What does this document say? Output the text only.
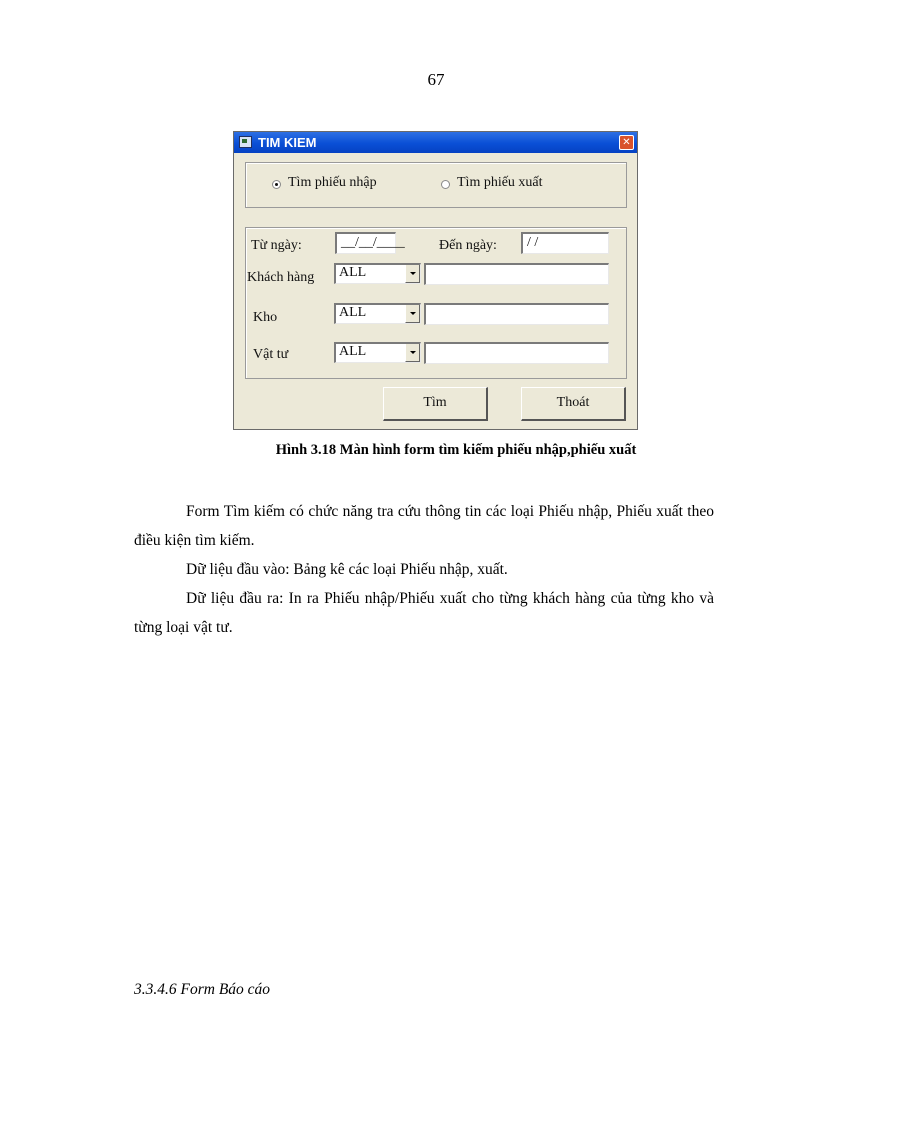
67
TIM KIEM	✕
Tìm phiếu nhập	Tìm phiếu xuất
Từ ngày:	__/__/____ Đến ngày:	/ /
Khách hàng ALL
Kho	ALL
Vật tư	ALL
Tìm	Thoát
Hình 3.18 Màn hình form tìm kiếm phiếu nhập,phiếu xuất

Form Tìm kiếm có chức năng tra cứu thông tin các loại Phiếu nhập, Phiếu xuất theo điều kiện tìm kiếm.

Dữ liệu đầu vào: Bảng kê các loại Phiếu nhập, xuất.

Dữ liệu đầu ra: In ra Phiếu nhập/Phiếu xuất cho từng khách hàng của từng kho và từng loại vật tư.

3.3.4.6 Form Báo cáo
